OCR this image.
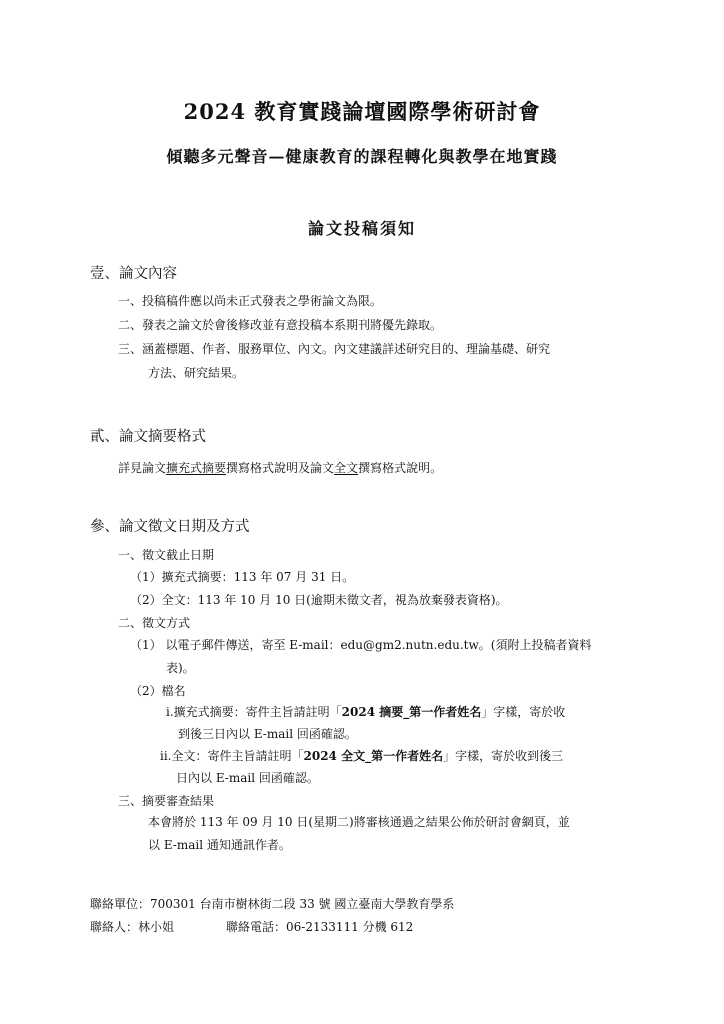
2024 教育實踐論壇國際學術研討會
傾聽多元聲音—健康教育的課程轉化與教學在地實踐
論文投稿須知
壹、論文內容
一、投稿稿件應以尚未正式發表之學術論文為限。
二、發表之論文於會後修改並有意投稿本系期刊將優先錄取。
三、涵蓋標題、作者、服務單位、內文。內文建議詳述研究目的、理論基礎、研究
方法、研究結果。
貳、論文摘要格式
詳見論文擴充式摘要撰寫格式說明及論文全文撰寫格式說明。
參、論文徵文日期及方式
一、徵文截止日期
（1）擴充式摘要：113 年 07 月 31 日。
（2）全文：113 年 10 月 10 日(逾期未徵文者，視為放棄發表資格)。
二、徵文方式
（1） 以電子郵件傳送，寄至 E-mail：edu@gm2.nutn.edu.tw。(須附上投稿者資料
表)。
（2）檔名
i.擴充式摘要：寄件主旨請註明「2024 摘要_第一作者姓名」字樣，寄於收
到後三日內以 E-mail 回函確認。
ii.全文：寄件主旨請註明「2024 全文_第一作者姓名」字樣，寄於收到後三
日內以 E-mail 回函確認。
三、摘要審查結果
本會將於 113 年 09 月 10 日(星期二)將審核通過之結果公佈於研討會網頁，並
以 E-mail 通知通訊作者。
聯絡單位：700301 台南市樹林街二段 33 號 國立臺南大學教育學系
聯絡人：林小姐	聯絡電話：06-2133111 分機 612
